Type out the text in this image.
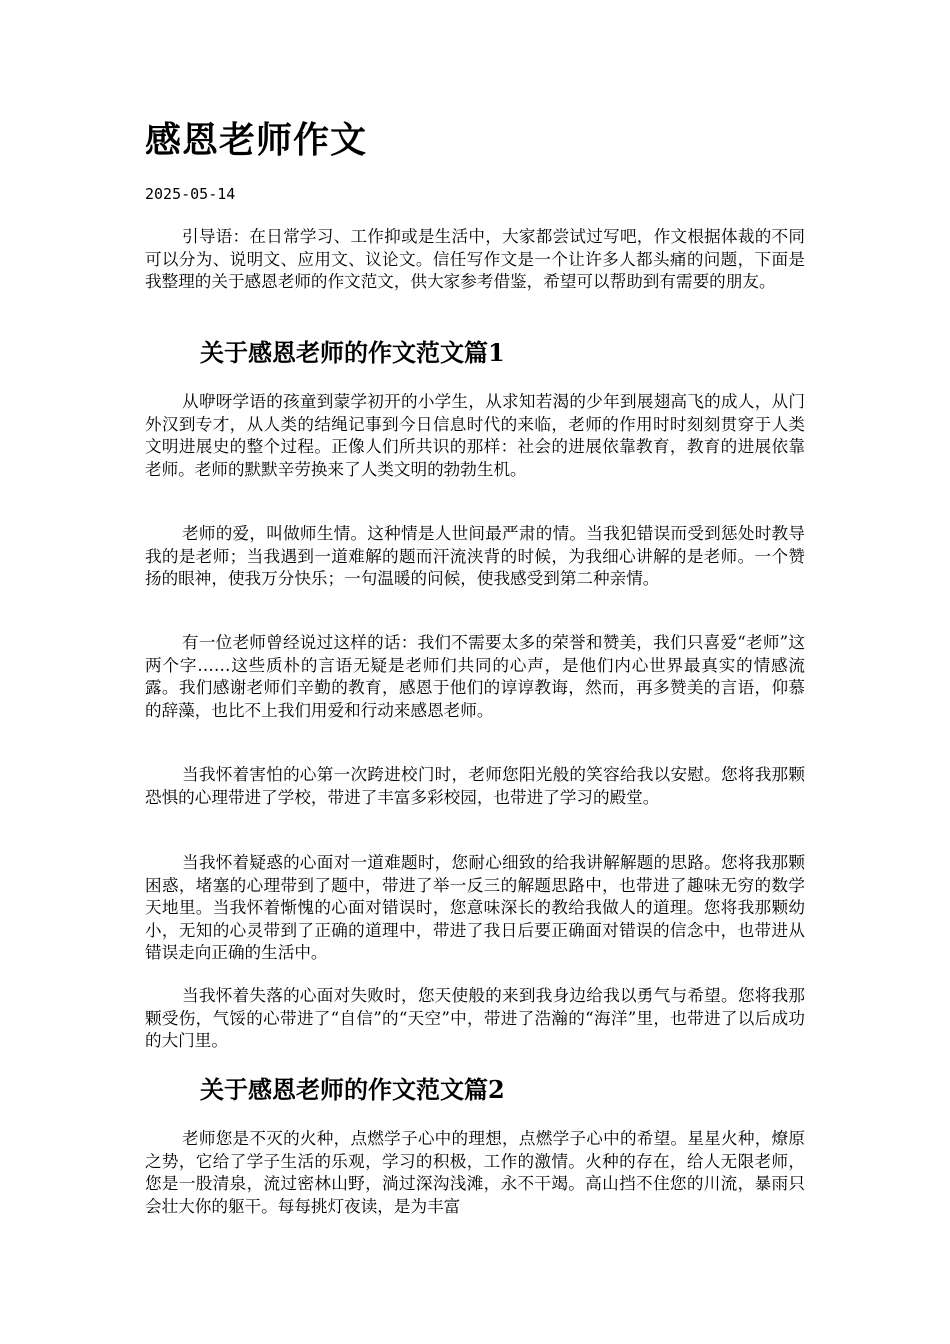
感恩老师作文
2025-05-14

引导语：在日常学习、工作抑或是生活中，大家都尝试过写吧，作文根据体裁的不同可以分为、说明文、应用文、议论文。信任写作文是一个让许多人都头痛的问题，下面是我整理的关于感恩老师的作文范文，供大家参考借鉴，希望可以帮助到有需要的朋友。

关于感恩老师的作文范文篇1

从咿呀学语的孩童到蒙学初开的小学生，从求知若渴的少年到展翅高飞的成人，从门外汉到专才，从人类的结绳记事到今日信息时代的来临，老师的作用时时刻刻贯穿于人类文明进展史的整个过程。正像人们所共识的那样：社会的进展依靠教育，教育的进展依靠老师。老师的默默辛劳换来了人类文明的勃勃生机。

老师的爱，叫做师生情。这种情是人世间最严肃的情。当我犯错误而受到惩处时教导我的是老师；当我遇到一道难解的题而汗流浃背的时候，为我细心讲解的是老师。一个赞扬的眼神，使我万分快乐；一句温暖的问候，使我感受到第二种亲情。

有一位老师曾经说过这样的话：我们不需要太多的荣誉和赞美，我们只喜爱“老师”这两个字……这些质朴的言语无疑是老师们共同的心声，是他们内心世界最真实的情感流露。我们感谢老师们辛勤的教育，感恩于他们的谆谆教诲，然而，再多赞美的言语，仰慕的辞藻，也比不上我们用爱和行动来感恩老师。

当我怀着害怕的心第一次跨进校门时，老师您阳光般的笑容给我以安慰。您将我那颗恐惧的心理带进了学校，带进了丰富多彩校园，也带进了学习的殿堂。

当我怀着疑惑的心面对一道难题时，您耐心细致的给我讲解解题的思路。您将我那颗困惑，堵塞的心理带到了题中，带进了举一反三的解题思路中，也带进了趣味无穷的数学天地里。当我怀着惭愧的心面对错误时，您意味深长的教给我做人的道理。您将我那颗幼小，无知的心灵带到了正确的道理中，带进了我日后要正确面对错误的信念中，也带进从错误走向正确的生活中。

当我怀着失落的心面对失败时，您天使般的来到我身边给我以勇气与希望。您将我那颗受伤，气馁的心带进了“自信”的“天空”中，带进了浩瀚的“海洋”里，也带进了以后成功的大门里。

关于感恩老师的作文范文篇2

老师您是不灭的火种，点燃学子心中的理想，点燃学子心中的希望。星星火种，燎原之势，它给了学子生活的乐观，学习的积极，工作的激情。火种的存在，给人无限老师，您是一股清泉，流过密林山野，淌过深沟浅滩，永不干竭。高山挡不住您的川流，暴雨只会壮大你的躯干。每每挑灯夜读，是为丰富
